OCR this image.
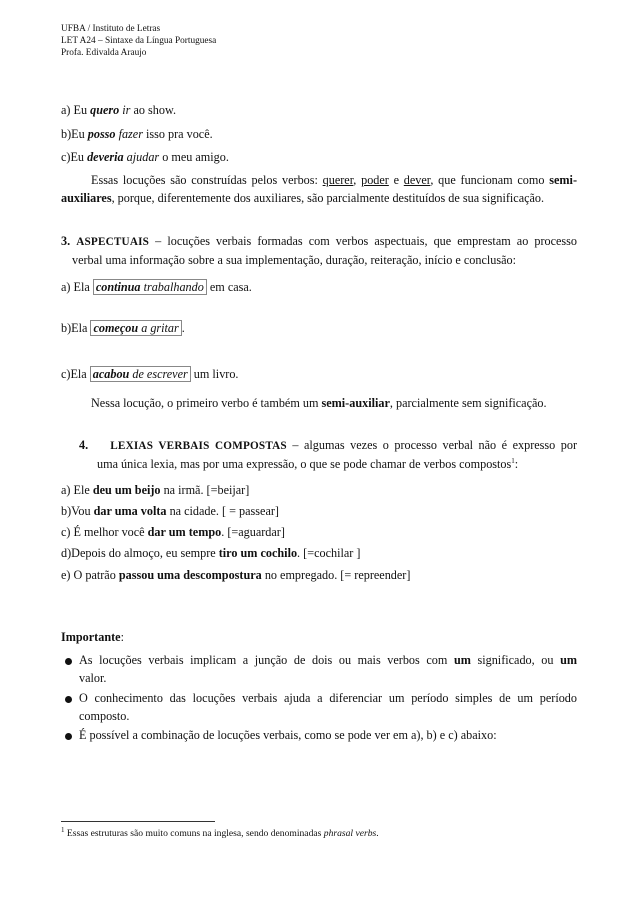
UFBA / Instituto de Letras
LET A24 – Sintaxe da Língua Portuguesa
Profa. Edivalda Araujo
a) Eu quero ir ao show.
b)Eu posso fazer isso pra você.
c)Eu deveria ajudar o meu amigo.
Essas locuções são construídas pelos verbos: querer, poder e dever, que funcionam como semi-auxiliares, porque, diferentemente dos auxiliares, são parcialmente destituídos de sua significação.
3. ASPECTUAIS – locuções verbais formadas com verbos aspectuais, que emprestam ao processo
verbal uma informação sobre a sua implementação, duração, reiteração, início e conclusão:
a) Ela continua trabalhando em casa.
b)Ela começou a gritar .
c)Ela acabou de escrever um livro.
Nessa locução, o primeiro verbo é também um semi-auxiliar, parcialmente sem significação.
4. LEXIAS VERBAIS COMPOSTAS – algumas vezes o processo verbal não é expresso por
uma única lexia, mas por uma expressão, o que se pode chamar de verbos compostos$^1$:
a) Ele deu um beijo na irmã. [=beijar]
b)Vou dar uma volta na cidade. [ = passear]
c) É melhor você dar um tempo. [=aguardar]
d)Depois do almoço, eu sempre tiro um cochilo. [=cochilar ]
e) O patrão passou uma descompostura no empregado. [= repreender]
Importante:
As locuções verbais implicam a junção de dois ou mais verbos com um significado, ou um
valor.
O conhecimento das locuções verbais ajuda a diferenciar um período simples de um período
composto.
É possível a combinação de locuções verbais, como se pode ver em a), b) e c) abaixo:
$^1$ Essas estruturas são muito comuns na inglesa, sendo denominadas phrasal verbs.
